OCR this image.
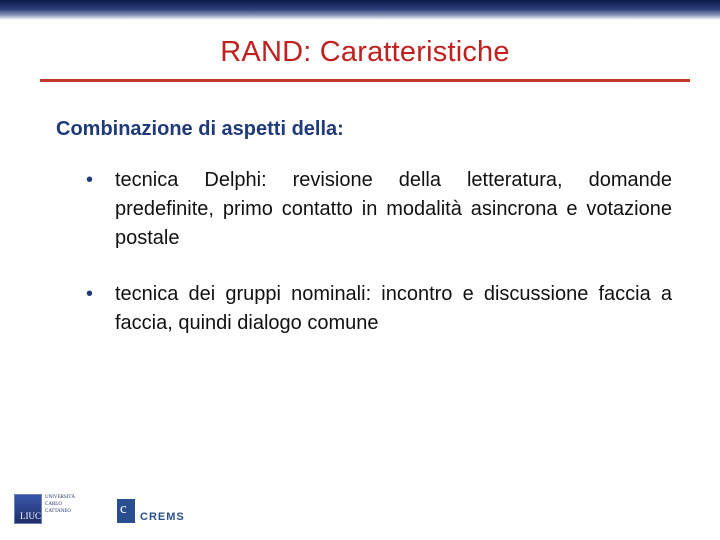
RAND: Caratteristiche
Combinazione di aspetti della:
•	tecnica Delphi: revisione della letteratura, domande predefinite, primo contatto in modalità asincrona e votazione postale
•	tecnica dei gruppi nominali: incontro e discussione faccia a faccia, quindi dialogo comune
LIUC
UNIVERSITÀ
CARLO
CATTANEO	c CREMS
